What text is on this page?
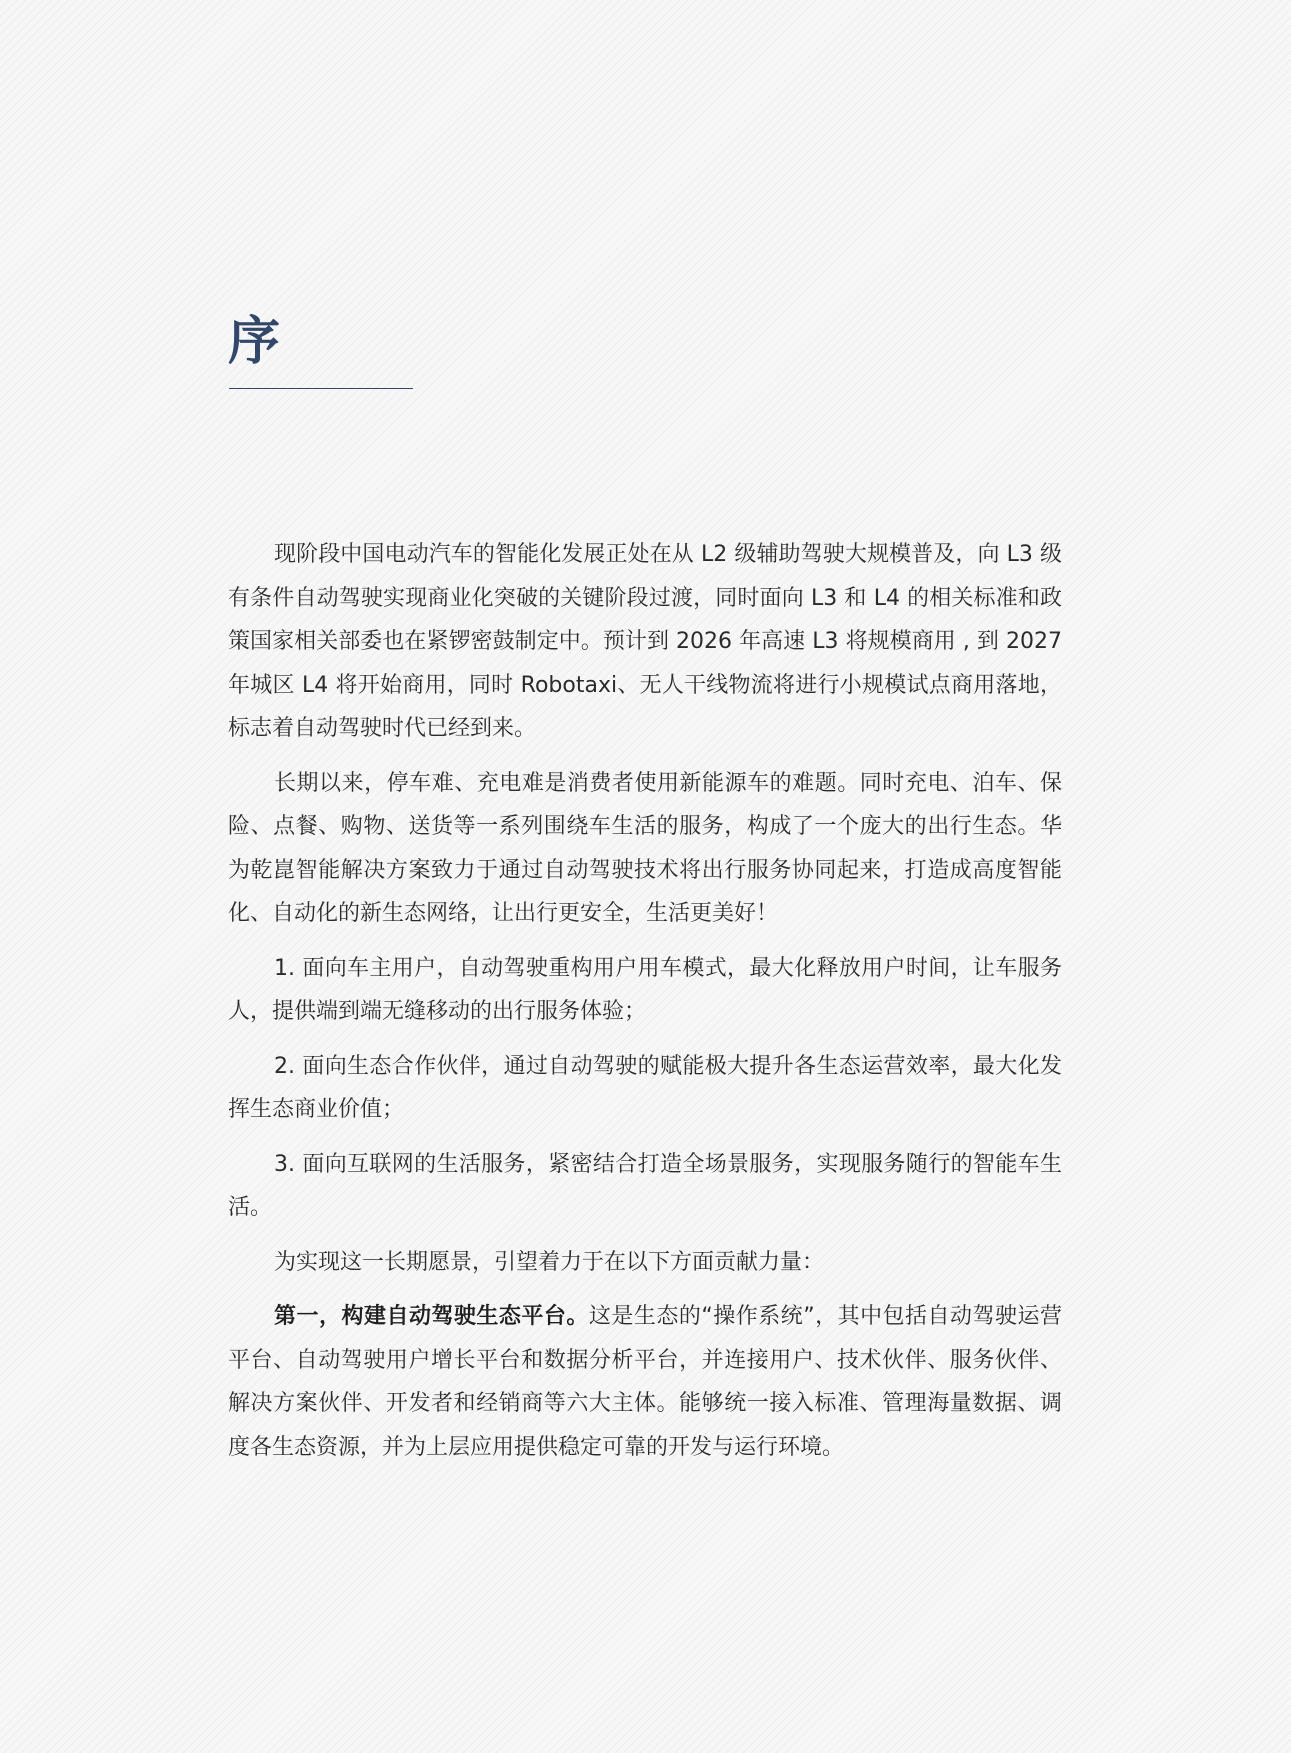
序

现阶段中国电动汽车的智能化发展正处在从 L2 级辅助驾驶大规模普及，向 L3 级有条件自动驾驶实现商业化突破的关键阶段过渡，同时面向 L3 和 L4 的相关标准和政策国家相关部委也在紧锣密鼓制定中。预计到 2026 年高速 L3 将规模商用 , 到 2027 年城区 L4 将开始商用，同时 Robotaxi、无人干线物流将进行小规模试点商用落地，标志着自动驾驶时代已经到来。

长期以来，停车难、充电难是消费者使用新能源车的难题。同时充电、泊车、保险、点餐、购物、送货等一系列围绕车生活的服务，构成了一个庞大的出行生态。华为乾崑智能解决方案致力于通过自动驾驶技术将出行服务协同起来，打造成高度智能化、自动化的新生态网络，让出行更安全，生活更美好！

1. 面向车主用户，自动驾驶重构用户用车模式，最大化释放用户时间，让车服务人，提供端到端无缝移动的出行服务体验；

2. 面向生态合作伙伴，通过自动驾驶的赋能极大提升各生态运营效率，最大化发挥生态商业价值；

3. 面向互联网的生活服务，紧密结合打造全场景服务，实现服务随行的智能车生活。

为实现这一长期愿景，引望着力于在以下方面贡献力量：

第一，构建自动驾驶生态平台。这是生态的“操作系统”，其中包括自动驾驶运营平台、自动驾驶用户增长平台和数据分析平台，并连接用户、技术伙伴、服务伙伴、解决方案伙伴、开发者和经销商等六大主体。能够统一接入标准、管理海量数据、调度各生态资源，并为上层应用提供稳定可靠的开发与运行环境。
